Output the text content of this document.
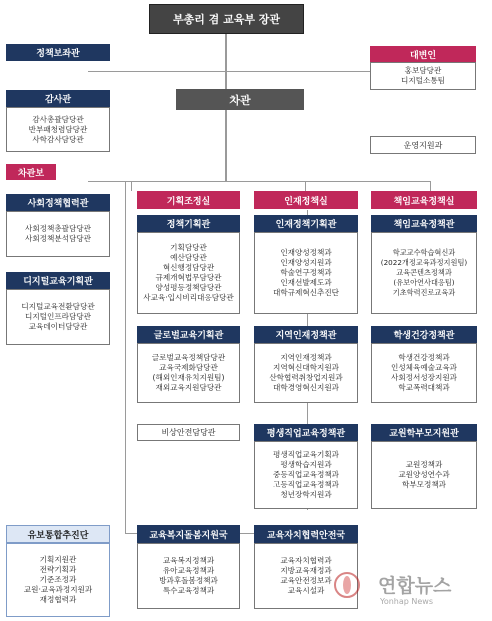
부총리 겸 교육부 장관
차관
정책보좌관
감사관
감사총괄담당관
반부패청렴담당관
사학감사담당관
차관보
사회정책협력관
사회정책총괄담당관
사회정책분석담당관
디지털교육기획관
디지털교육전환담당관
디지털인프라담당관
교육데이터담당관
유보통합추진단
기획지원관
전략기획과
기준조정과
교원·교육과정지원과
재정협력과
대변인
홍보담당관
디지털소통팀
운영지원과
기획조정실	인재정책실	책임교육정책실
정책기획관
기획담당관
예산담당관
혁신행정담당관
규제개혁법무담당관
양성평등정책담당관
사교육·입시비리대응담당관
인재정책기획관
인재양성정책과
인재양성지원과
학술연구정책과
인재선발제도과
대학규제혁신추진단
책임교육정책관
학교교수학습혁신과
(2022개정교육과정지원팀)
교육콘텐츠정책과
(유보아연사대응팀)
기초학력진로교육과
글로벌교육기획관
글로벌교육정책담당관
교육국제화담당관
(해외인재유치지원팀)
재외교육지원담당관
지역인재정책관
지역인재정책과
지역혁신대학지원과
산학협력취창업지원과
대학경영혁신지원과
학생건강정책관
학생건강정책과
인성체육예술교육과
사회정서성장지원과
학교폭력대책과
비상안전담당관	평생직업교육정책관
평생직업교육기획과
평생학습지원과
중등직업교육정책과
고등직업교육정책과
청년장학지원과
교원학부모지원관
교원정책과
교원양성연수과
학부모정책과
교육복지돌봄지원국
교육복지정책과
유아교육정책과
방과후돌봄정책과
특수교육정책과
교육자치협력안전국
교육자치협력과
지방교육재정과
교육안전정보과
교육시설과	연합뉴스
Yonhap News
